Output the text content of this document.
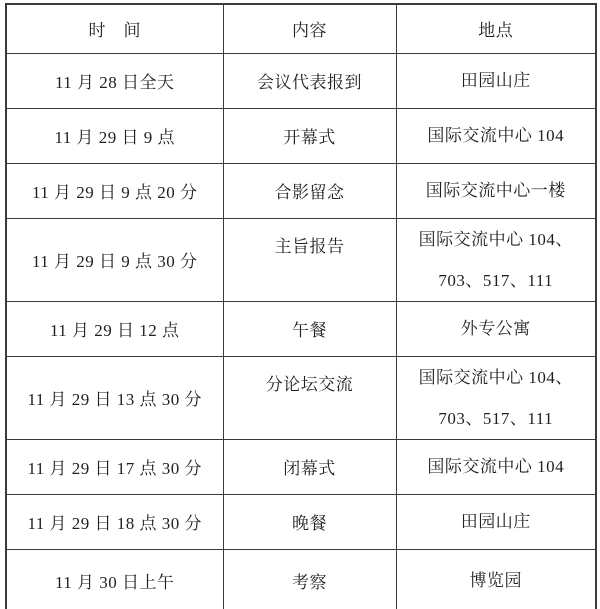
时　间	内容	地点
11 月 28 日全天	会议代表报到	田园山庄

11 月 29 日 9 点	开幕式	国际交流中心 104

11 月 29 日 9 点 20 分	合影留念	国际交流中心一楼

11 月 29 日 9 点 30 分	主旨报告	国际交流中心 104、
703、517、111

11 月 29 日 12 点	午餐	外专公寓

11 月 29 日 13 点 30 分	分论坛交流	国际交流中心 104、
703、517、111

11 月 29 日 17 点 30 分	闭幕式	国际交流中心 104

11 月 29 日 18 点 30 分	晚餐	田园山庄

11 月 30 日上午	考察	博览园
